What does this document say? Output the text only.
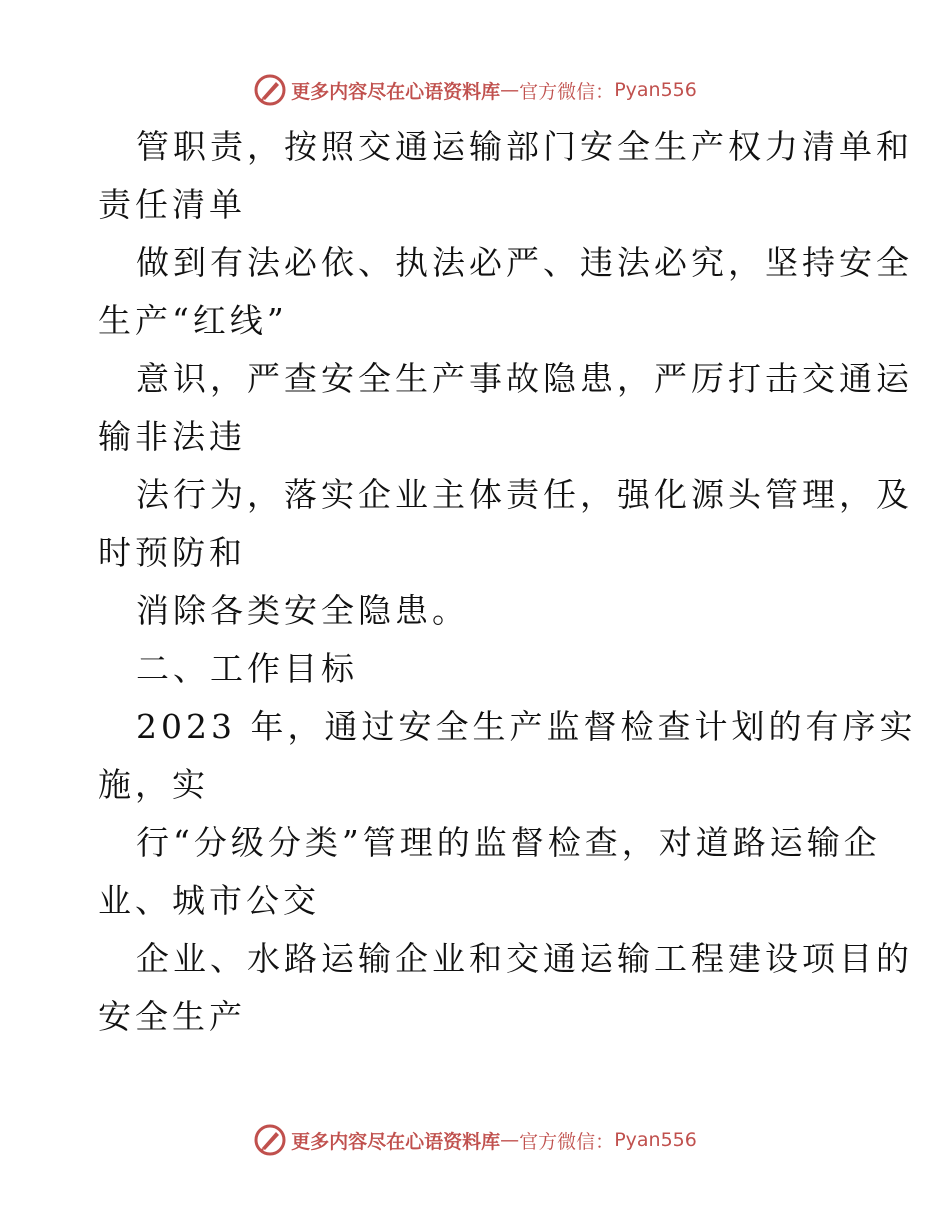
更多内容尽在心语资料库 — 官方微信： Pyan556
管职责，按照交通运输部门安全生产权力清单和
责任清单
做到有法必依、执法必严、违法必究，坚持安全
生产“红线”
意识，严查安全生产事故隐患，严厉打击交通运
输非法违
法行为，落实企业主体责任，强化源头管理，及
时预防和
消除各类安全隐患。
二、工作目标
2023 年，通过安全生产监督检查计划的有序实
施，实
行“分级分类”管理的监督检查，对道路运输企
业、城市公交
企业、水路运输企业和交通运输工程建设项目的
安全生产
更多内容尽在心语资料库 — 官方微信： Pyan556
